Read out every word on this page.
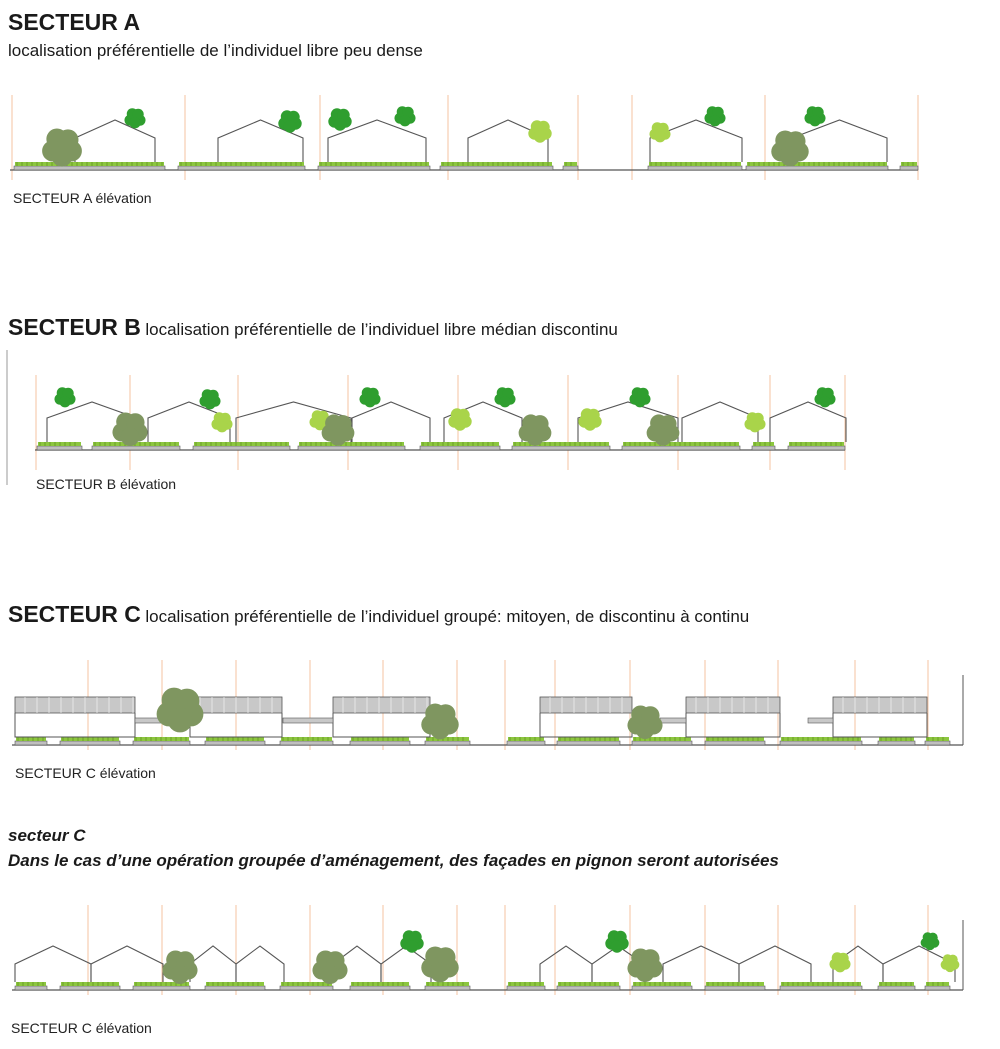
SECTEUR A
localisation préférentielle de l’individuel libre peu dense
SECTEUR A élévation
SECTEUR B localisation préférentielle de l’individuel libre médian discontinu
SECTEUR B élévation
SECTEUR C localisation préférentielle de l’individuel groupé: mitoyen, de discontinu à continu
SECTEUR C élévation
secteur C
Dans le cas d’une opération groupée d’aménagement, des façades en pignon seront autorisées
SECTEUR C élévation
